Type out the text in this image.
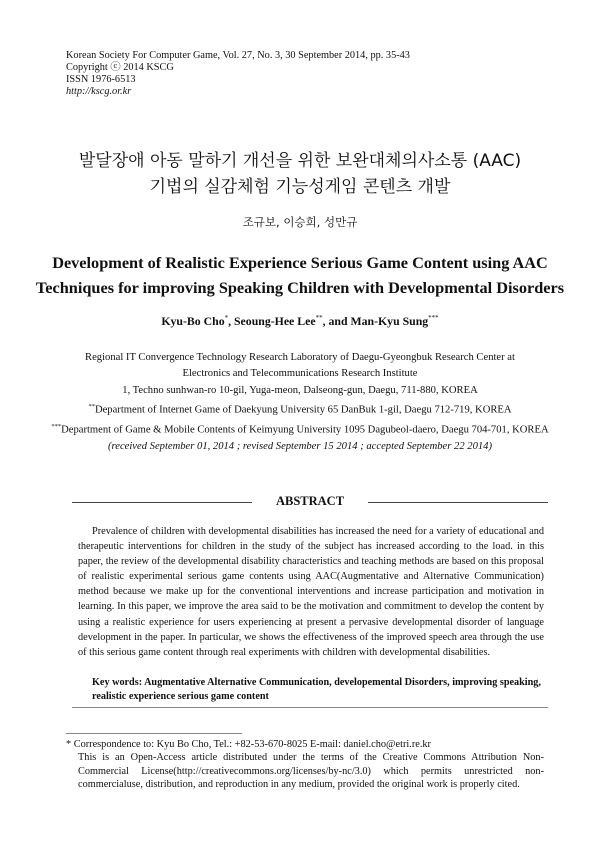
Korean Society For Computer Game, Vol. 27, No. 3, 30 September 2014, pp. 35-43
Copyright ⓒ 2014 KSCG
ISSN 1976-6513
http://kscg.or.kr
발달장애 아동 말하기 개선을 위한 보완대체의사소통 (AAC)
기법의 실감체험 기능성게임 콘텐츠 개발
조규보, 이승희, 성만규
Development of Realistic Experience Serious Game Content using AAC
Techniques for improving Speaking Children with Developmental Disorders
Kyu-Bo Cho*, Seoung-Hee Lee**, and Man-Kyu Sung***
Regional IT Convergence Technology Research Laboratory of Daegu-Gyeongbuk Research Center at
Electronics and Telecommunications Research Institute
1, Techno sunhwan-ro 10-gil, Yuga-meon, Dalseong-gun, Daegu, 711-880, KOREA
**Department of Internet Game of Daekyung University 65 DanBuk 1-gil, Daegu 712-719, KOREA
***Department of Game & Mobile Contents of Keimyung University 1095 Dagubeol-daero, Daegu 704-701, KOREA
(received September 01, 2014 ; revised September 15 2014 ; accepted September 22 2014)
ABSTRACT

Prevalence of children with developmental disabilities has increased the need for a variety of educational and therapeutic interventions for children in the study of the subject has increased according to the load. in this paper, the review of the developmental disability characteristics and teaching methods are based on this proposal of realistic experimental serious game contents using AAC(Augmentative and Alternative Communication) method because we make up for the conventional interventions and increase participation and motivation in learning. In this paper, we improve the area said to be the motivation and commitment to develop the content by using a realistic experience for users experiencing at present a pervasive developmental disorder of language development in the paper. In particular, we shows the effectiveness of the improved speech area through the use of this serious game content through real experiments with children with developmental disabilities.

Key words: Augmentative Alternative Communication, developemental Disorders, improving speaking, realistic experience serious game content
* Correspondence to: Kyu Bo Cho, Tel.: +82-53-670-8025 E-mail: daniel.cho@etri.re.kr
This is an Open-Access article distributed under the terms of the Creative Commons Attribution Non-Commercial License(http://creativecommons.org/licenses/by-nc/3.0) which permits unrestricted non-commercialuse, distribution, and reproduction in any medium, provided the original work is properly cited.
